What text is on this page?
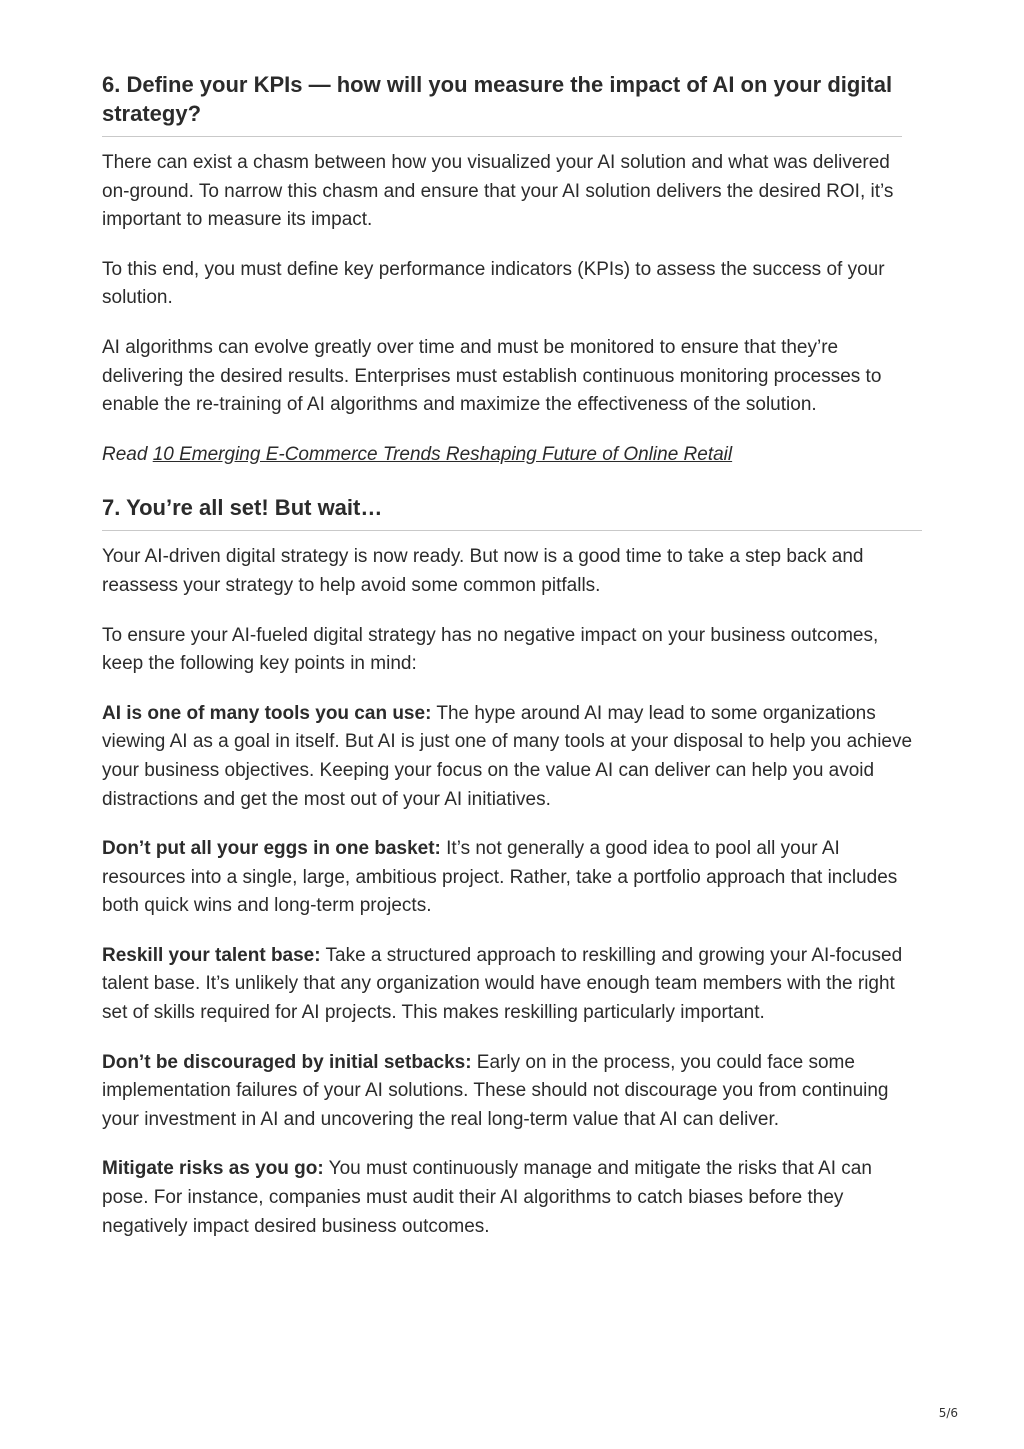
6. Define your KPIs — how will you measure the impact of AI on your digital strategy?

There can exist a chasm between how you visualized your AI solution and what was delivered on-ground. To narrow this chasm and ensure that your AI solution delivers the desired ROI, it’s important to measure its impact.

To this end, you must define key performance indicators (KPIs) to assess the success of your solution.

AI algorithms can evolve greatly over time and must be monitored to ensure that they’re delivering the desired results. Enterprises must establish continuous monitoring processes to enable the re-training of AI algorithms and maximize the effectiveness of the solution.

Read 10 Emerging E-Commerce Trends Reshaping Future of Online Retail

7. You’re all set! But wait…

Your AI-driven digital strategy is now ready. But now is a good time to take a step back and reassess your strategy to help avoid some common pitfalls.

To ensure your AI-fueled digital strategy has no negative impact on your business outcomes, keep the following key points in mind:

AI is one of many tools you can use: The hype around AI may lead to some organizations viewing AI as a goal in itself. But AI is just one of many tools at your disposal to help you achieve your business objectives. Keeping your focus on the value AI can deliver can help you avoid distractions and get the most out of your AI initiatives.

Don’t put all your eggs in one basket: It’s not generally a good idea to pool all your AI resources into a single, large, ambitious project. Rather, take a portfolio approach that includes both quick wins and long-term projects.

Reskill your talent base: Take a structured approach to reskilling and growing your AI-focused talent base. It’s unlikely that any organization would have enough team members with the right set of skills required for AI projects. This makes reskilling particularly important.

Don’t be discouraged by initial setbacks: Early on in the process, you could face some implementation failures of your AI solutions. These should not discourage you from continuing your investment in AI and uncovering the real long-term value that AI can deliver.

Mitigate risks as you go: You must continuously manage and mitigate the risks that AI can pose. For instance, companies must audit their AI algorithms to catch biases before they negatively impact desired business outcomes.

5/6
